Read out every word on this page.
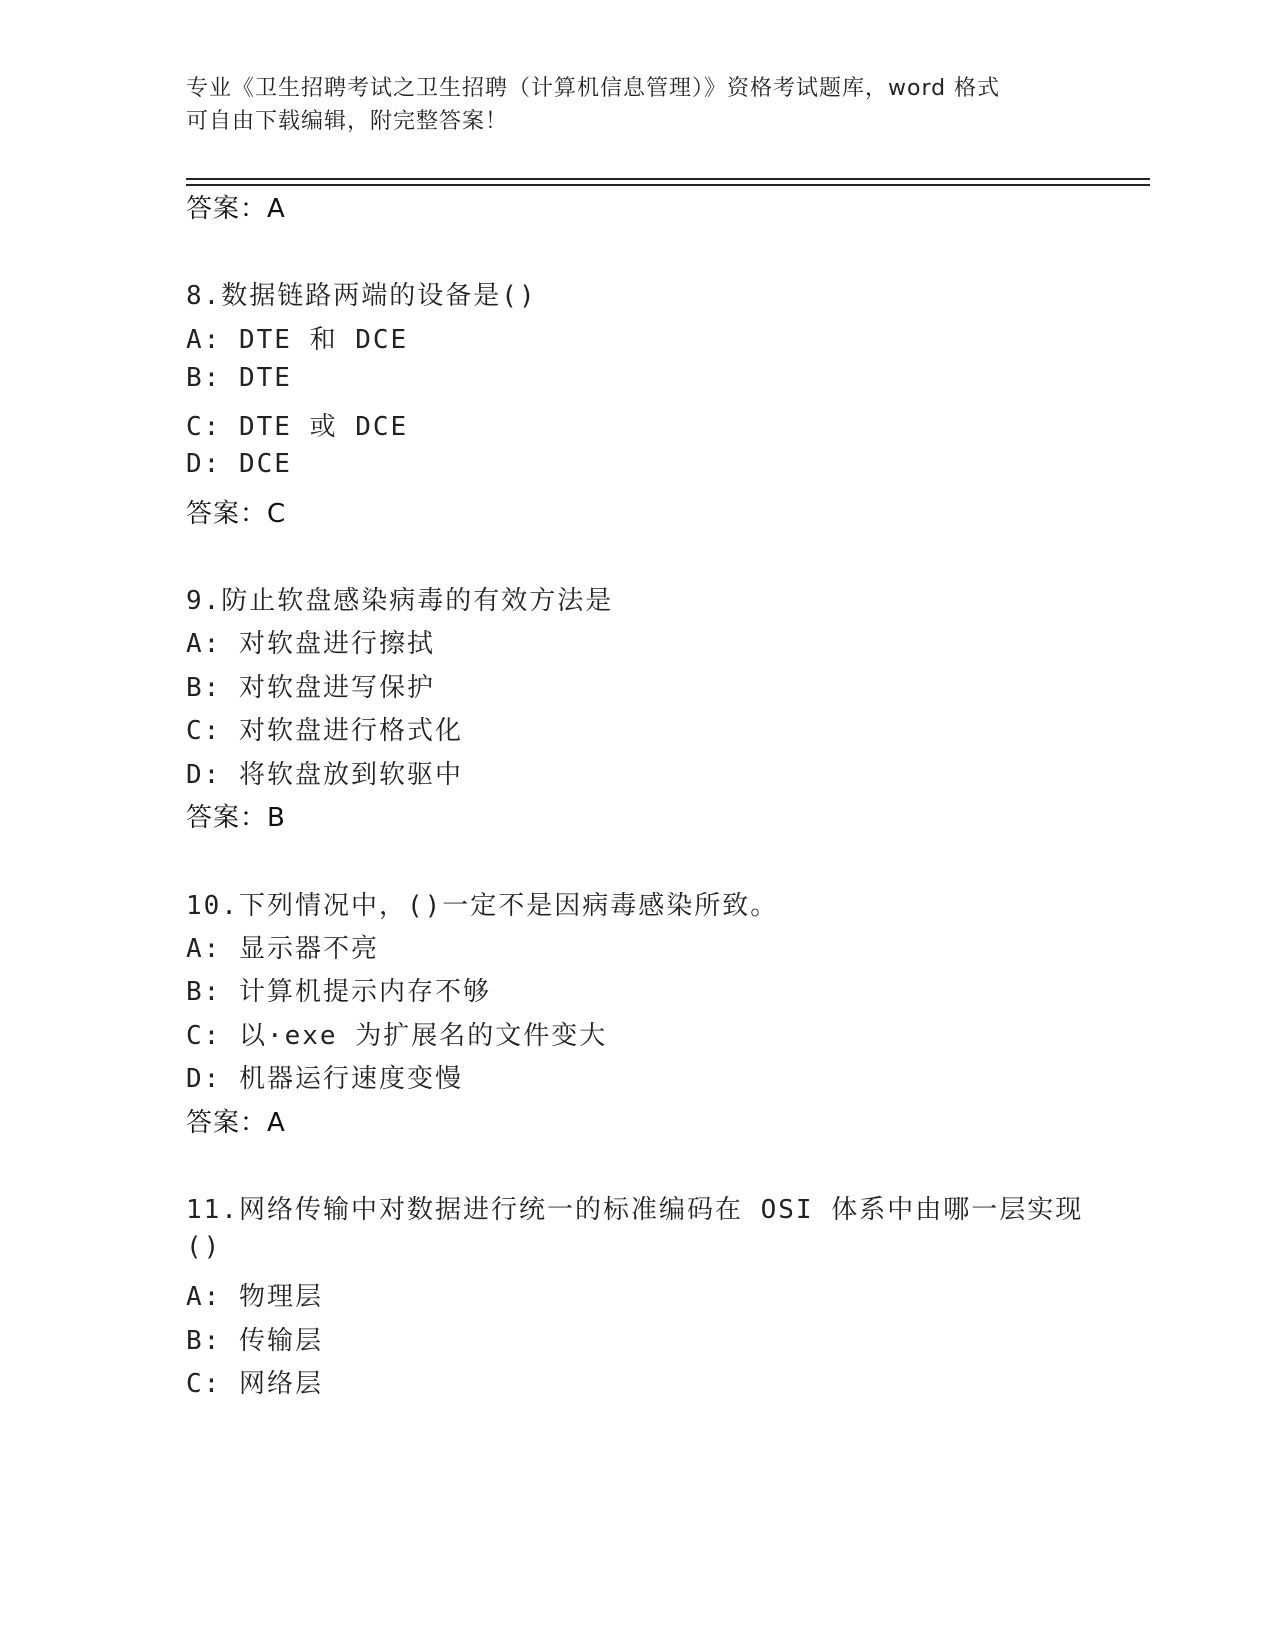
专业《卫生招聘考试之卫生招聘（计算机信息管理）》资格考试题库，word 格式
可自由下载编辑，附完整答案！
答案：A
8.数据链路两端的设备是()
A: DTE 和 DCE
B: DTE
C: DTE 或 DCE
D: DCE
答案：C
9.防止软盘感染病毒的有效方法是
A: 对软盘进行擦拭
B: 对软盘进写保护
C: 对软盘进行格式化
D: 将软盘放到软驱中
答案：B
10.下列情况中，()一定不是因病毒感染所致。
A: 显示器不亮
B: 计算机提示内存不够
C: 以·exe 为扩展名的文件变大
D: 机器运行速度变慢
答案：A
11.网络传输中对数据进行统一的标准编码在 OSI 体系中由哪一层实现
()
A: 物理层
B: 传输层
C: 网络层
